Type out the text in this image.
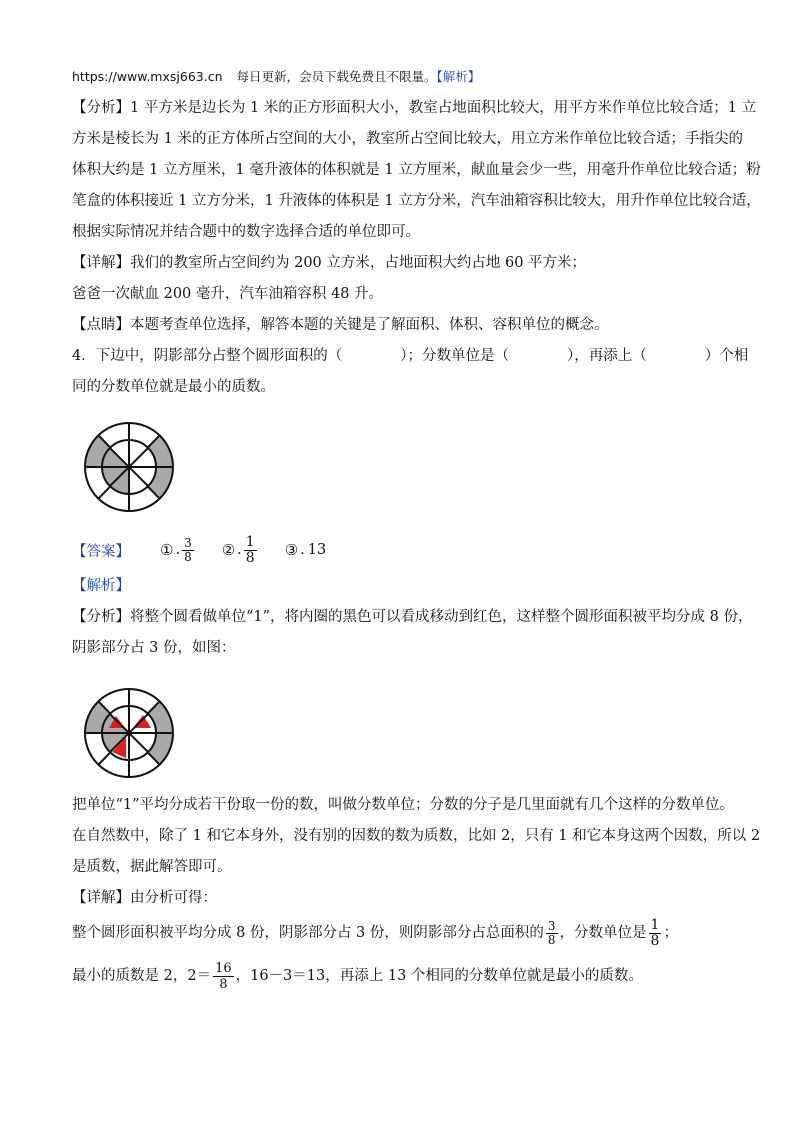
https://www.mxsj663.cn 每日更新，会员下载免费且不限量。【解析】
【分析】1 平方米是边长为 1 米的正方形面积大小，教室占地面积比较大，用平方米作单位比较合适；1 立
方米是棱长为 1 米的正方体所占空间的大小，教室所占空间比较大，用立方米作单位比较合适；手指尖的
体积大约是 1 立方厘米，1 毫升液体的体积就是 1 立方厘米，献血量会少一些，用毫升作单位比较合适；粉
笔盒的体积接近 1 立方分米，1 升液体的体积是 1 立方分米，汽车油箱容积比较大，用升作单位比较合适，
根据实际情况并结合题中的数字选择合适的单位即可。
【详解】我们的教室所占空间约为 200 立方米，占地面积大约占地 60 平方米；
爸爸一次献血 200 毫升，汽车油箱容积 48 升。
【点睛】本题考查单位选择，解答本题的关键是了解面积、体积、容积单位的概念。
4．下边中，阴影部分占整个圆形面积的（　　　　）；分数单位是（　　　　），再添上（　　　　）个相
同的分数单位就是最小的质数。
【答案】 ① . $\frac{3}{8}$ ② . $\frac{1}{8}$ ③ . 13
【解析】
【分析】将整个圆看做单位“1”，将内圈的黑色可以看成移动到红色，这样整个圆形面积被平均分成 8 份，
阴影部分占 3 份，如图：
把单位“1”平均分成若干份取一份的数，叫做分数单位；分数的分子是几里面就有几个这样的分数单位。
在自然数中，除了 1 和它本身外，没有别的因数的数为质数，比如 2，只有 1 和它本身这两个因数，所以 2
是质数，据此解答即可。
【详解】由分析可得：
整个圆形面积被平均分成 8 份，阴影部分占 3 份，则阴影部分占总面积的 $\frac{3}{8}$ ，分数单位是 $\frac{1}{8}$ ；
最小的质数是 2，$2= \frac{16}{8}$ ，16－3＝13，再添上 13 个相同的分数单位就是最小的质数。
